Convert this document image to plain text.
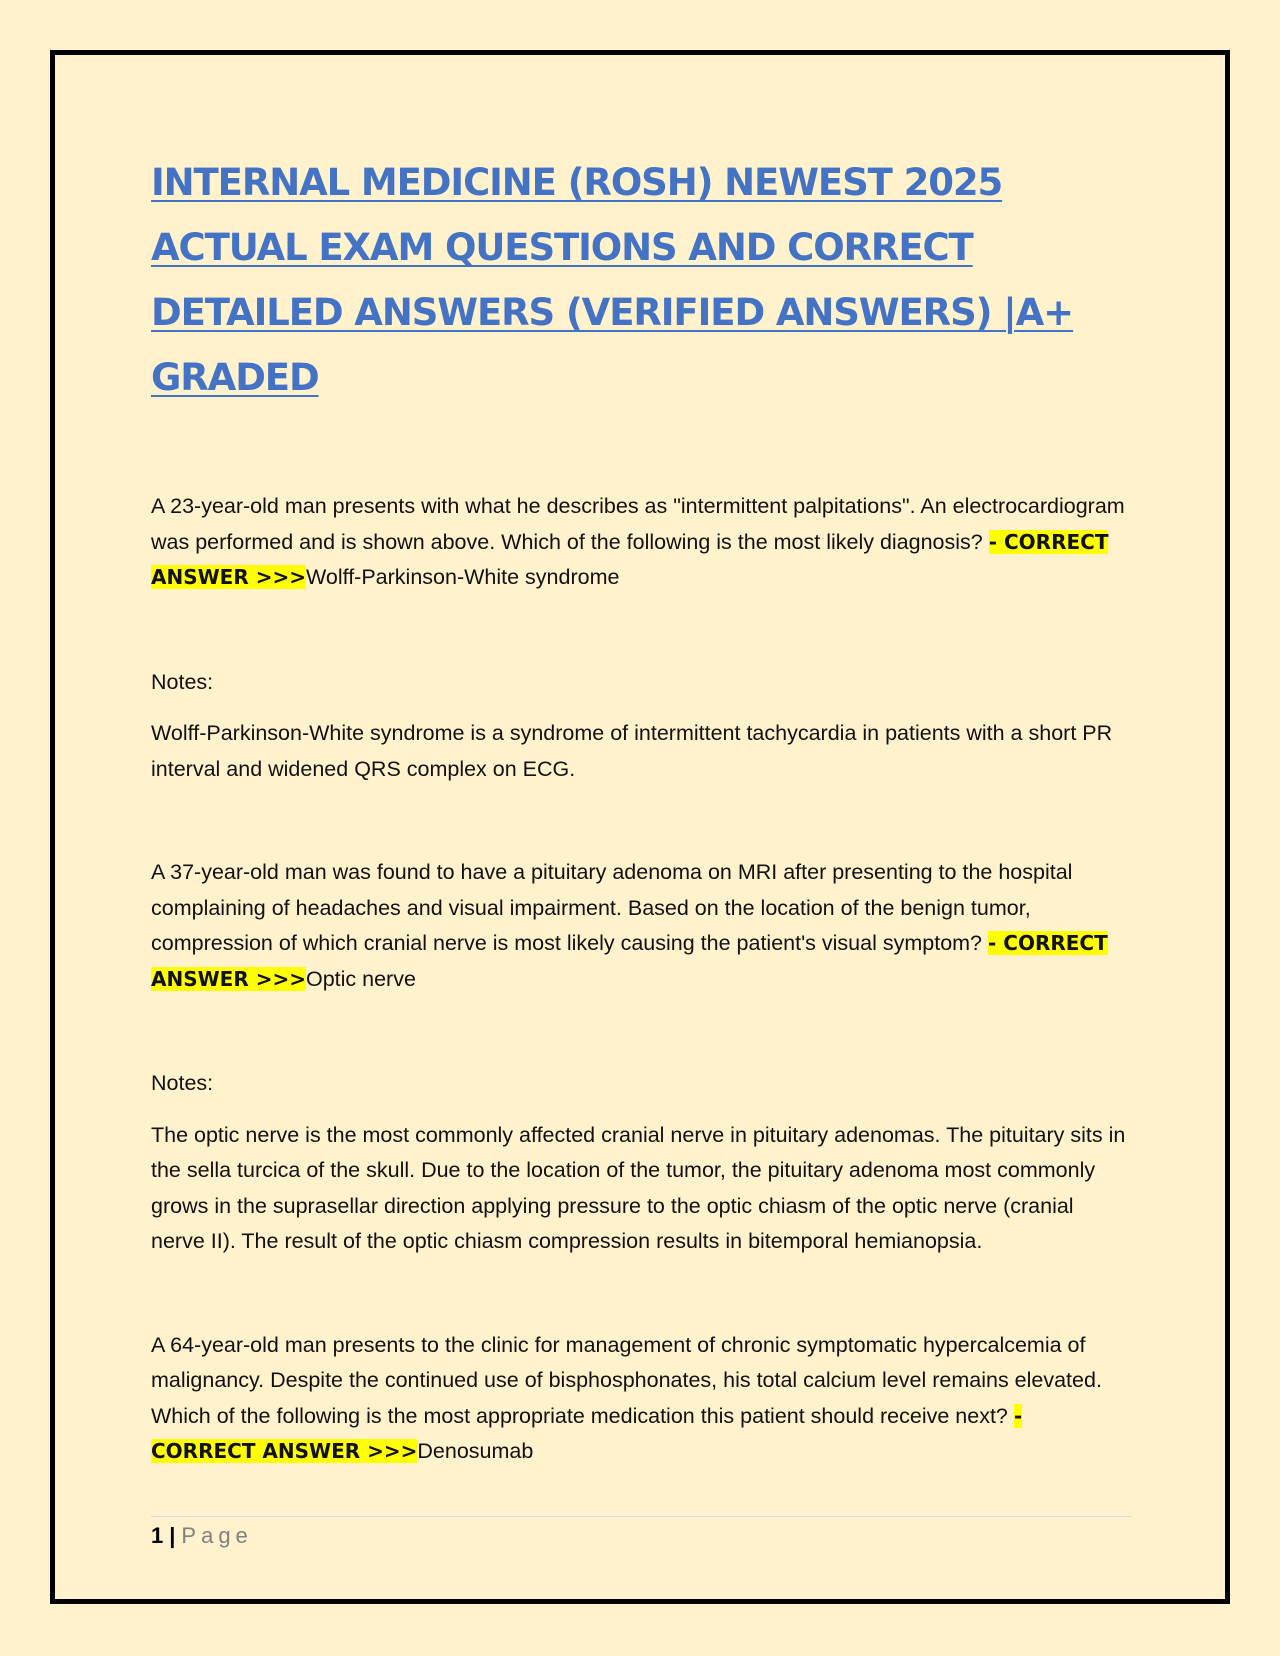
INTERNAL MEDICINE (ROSH) NEWEST 2025 ACTUAL EXAM QUESTIONS AND CORRECT DETAILED ANSWERS (VERIFIED ANSWERS) |A+ GRADED

A 23-year-old man presents with what he describes as "intermittent palpitations". An electrocardiogram was performed and is shown above. Which of the following is the most likely diagnosis? - CORRECT ANSWER >>>Wolff-Parkinson-White syndrome

Notes:

Wolff-Parkinson-White syndrome is a syndrome of intermittent tachycardia in patients with a short PR interval and widened QRS complex on ECG.

A 37-year-old man was found to have a pituitary adenoma on MRI after presenting to the hospital complaining of headaches and visual impairment. Based on the location of the benign tumor, compression of which cranial nerve is most likely causing the patient's visual symptom? - CORRECT ANSWER >>>Optic nerve

Notes:

The optic nerve is the most commonly affected cranial nerve in pituitary adenomas. The pituitary sits in the sella turcica of the skull. Due to the location of the tumor, the pituitary adenoma most commonly grows in the suprasellar direction applying pressure to the optic chiasm of the optic nerve (cranial nerve II). The result of the optic chiasm compression results in bitemporal hemianopsia.

A 64-year-old man presents to the clinic for management of chronic symptomatic hypercalcemia of malignancy. Despite the continued use of bisphosphonates, his total calcium level remains elevated. Which of the following is the most appropriate medication this patient should receive next? - CORRECT ANSWER >>>Denosumab

1 | Page
